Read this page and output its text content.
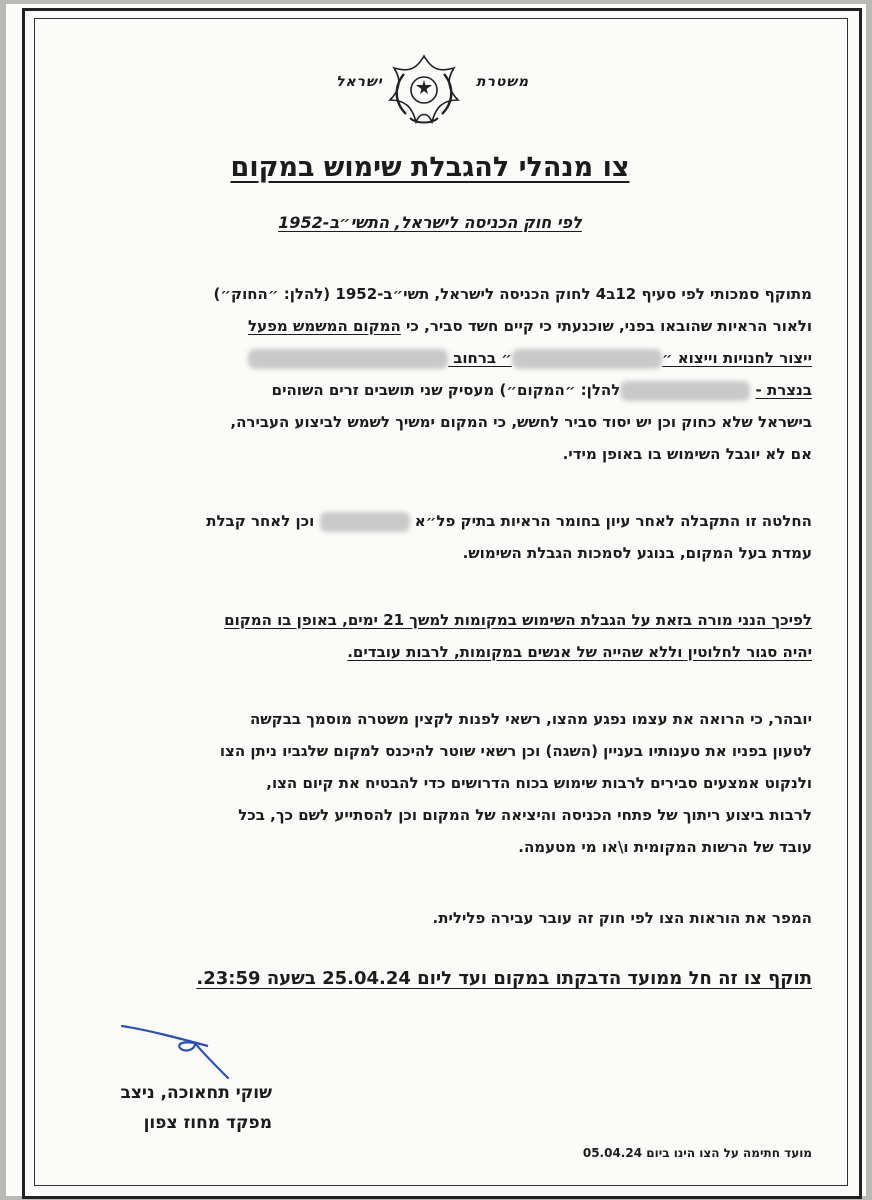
משטרת
ישראל
צו מנהלי להגבלת שימוש במקום
לפי חוק הכניסה לישראל, התשי״ב-1952
מתוקף סמכותי לפי סעיף 12ב4 לחוק הכניסה לישראל, תשי״ב-1952 (להלן: ״החוק״)
ולאור הראיות שהובאו בפני, שוכנעתי כי קיים חשד סביר, כי המקום המשמש מפעל
ייצור לחנויות וייצוא ״״ ברחוב
בנצרת - להלן: ״המקום״) מעסיק שני תושבים זרים השוהים
בישראל שלא כחוק וכן יש יסוד סביר לחשש, כי המקום ימשיך לשמש לביצוע העבירה,
אם לא יוגבל השימוש בו באופן מידי.
החלטה זו התקבלה לאחר עיון בחומר הראיות בתיק פל״א  וכן לאחר קבלת
עמדת בעל המקום, בנוגע לסמכות הגבלת השימוש.
לפיכך הנני מורה בזאת על הגבלת השימוש במקומות למשך 21 ימים, באופן בו המקום
יהיה סגור לחלוטין וללא שהייה של אנשים במקומות, לרבות עובדים.
יובהר, כי הרואה את עצמו נפגע מהצו, רשאי לפנות לקצין משטרה מוסמך בבקשה
לטעון בפניו את טענותיו בעניין (השגה) וכן רשאי שוטר להיכנס למקום שלגביו ניתן הצו
ולנקוט אמצעים סבירים לרבות שימוש בכוח הדרושים כדי להבטיח את קיום הצו,
לרבות ביצוע ריתוך של פתחי הכניסה והיציאה של המקום וכן להסתייע לשם כך, בכל
עובד של הרשות המקומית ו\או מי מטעמה.
המפר את הוראות הצו לפי חוק זה עובר עבירה פלילית.
תוקף צו זה חל ממועד הדבקתו במקום ועד ליום 25.04.24 בשעה 23:59.
שוקי תחאוכה, ניצב
מפקד מחוז צפון
מועד חתימה על הצו הינו ביום 05.04.24
